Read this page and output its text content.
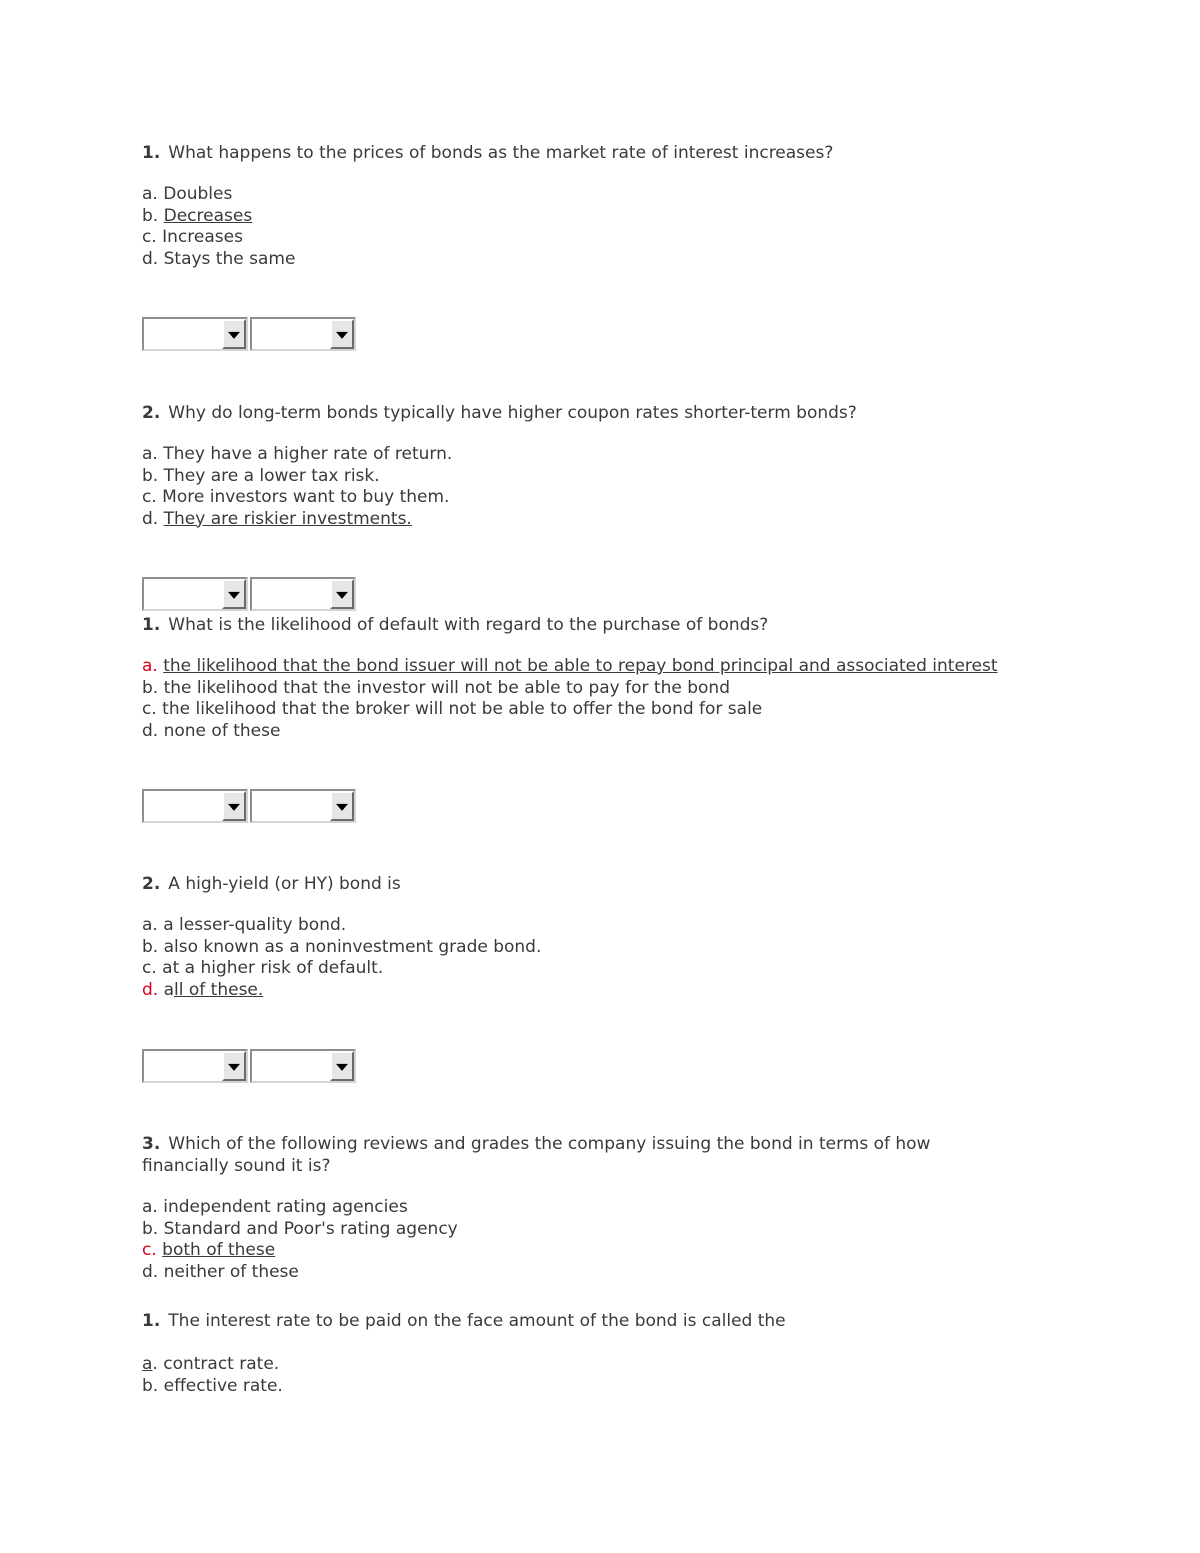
1. What happens to the prices of bonds as the market rate of interest increases?

a. Doubles
b. Decreases
c. Increases
d. Stays the same

2. Why do long-term bonds typically have higher coupon rates shorter-term bonds?

a. They have a higher rate of return.
b. They are a lower tax risk.
c. More investors want to buy them.
d. They are riskier investments.

1. What is the likelihood of default with regard to the purchase of bonds?

a. the likelihood that the bond issuer will not be able to repay bond principal and associated interest
b. the likelihood that the investor will not be able to pay for the bond
c. the likelihood that the broker will not be able to offer the bond for sale
d. none of these

2. A high-yield (or HY) bond is

a. a lesser-quality bond.
b. also known as a noninvestment grade bond.
c. at a higher risk of default.
d. all of these.

3. Which of the following reviews and grades the company issuing the bond in terms of how financially sound it is?

a. independent rating agencies
b. Standard and Poor's rating agency
c. both of these
d. neither of these

1. The interest rate to be paid on the face amount of the bond is called the

a. contract rate.
b. effective rate.
